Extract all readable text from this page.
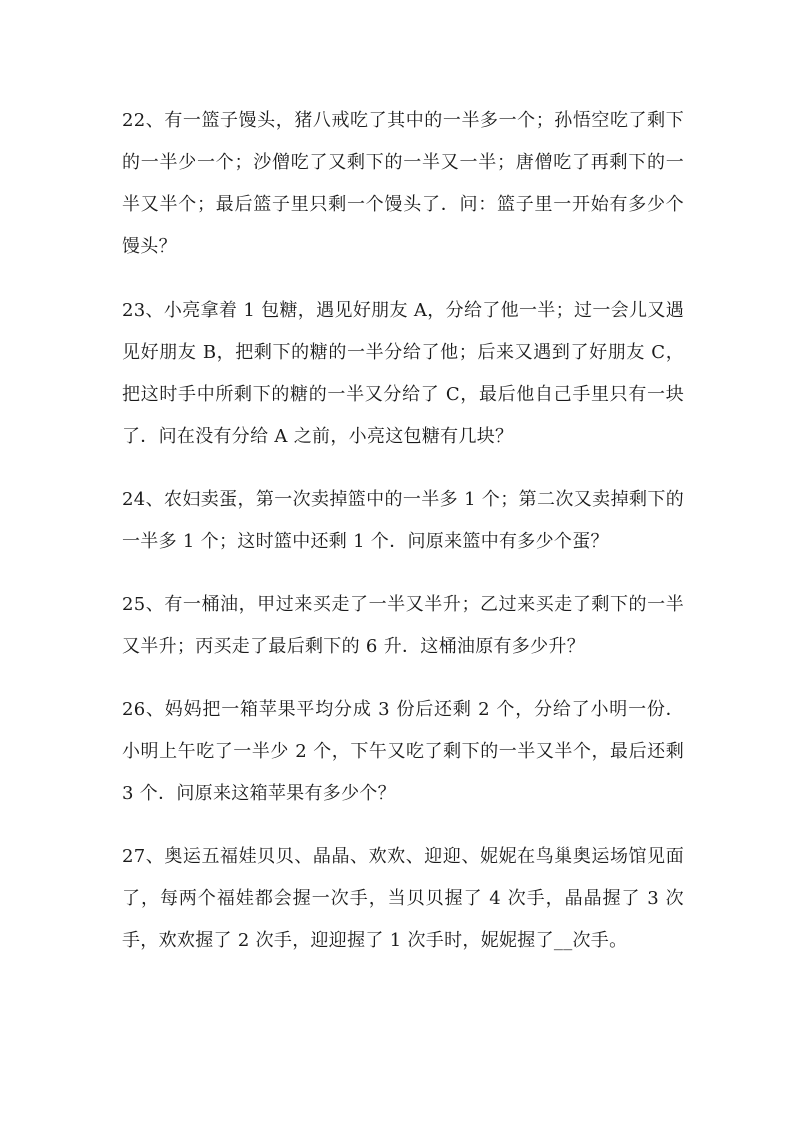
22、有一篮子馒头，猪八戒吃了其中的一半多一个；孙悟空吃了剩下的一半少一个；沙僧吃了又剩下的一半又一半；唐僧吃了再剩下的一半又半个；最后篮子里只剩一个馒头了．问：篮子里一开始有多少个馒头？

23、小亮拿着 1 包糖，遇见好朋友 A，分给了他一半；过一会儿又遇见好朋友 B，把剩下的糖的一半分给了他；后来又遇到了好朋友 C，把这时手中所剩下的糖的一半又分给了 C，最后他自己手里只有一块了．问在没有分给 A 之前，小亮这包糖有几块？

24、农妇卖蛋，第一次卖掉篮中的一半多 1 个；第二次又卖掉剩下的一半多 1 个；这时篮中还剩 1 个．问原来篮中有多少个蛋？

25、有一桶油，甲过来买走了一半又半升；乙过来买走了剩下的一半又半升；丙买走了最后剩下的 6 升．这桶油原有多少升？

26、妈妈把一箱苹果平均分成 3 份后还剩 2 个，分给了小明一份．小明上午吃了一半少 2 个，下午又吃了剩下的一半又半个，最后还剩 3 个．问原来这箱苹果有多少个？

27、奥运五福娃贝贝、晶晶、欢欢、迎迎、妮妮在鸟巢奥运场馆见面了，每两个福娃都会握一次手，当贝贝握了 4 次手，晶晶握了 3 次手，欢欢握了 2 次手，迎迎握了 1 次手时，妮妮握了__次手。
